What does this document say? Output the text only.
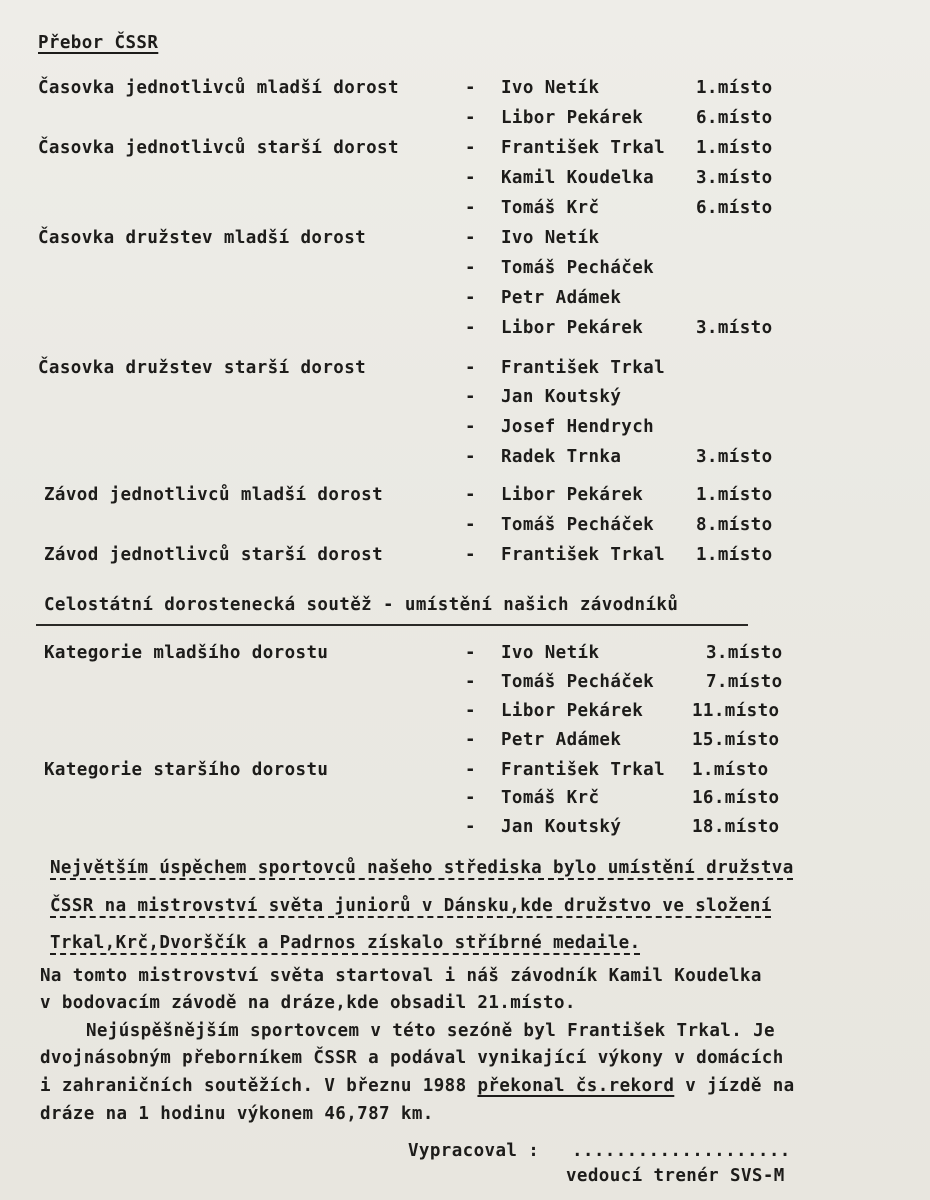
Přebor ČSSR
Časovka jednotlivců mladší dorost	- Ivo Netík	1.místo
- Libor Pekárek	6.místo
Časovka jednotlivců starší dorost	- František Trkal 1.místo
- Kamil Koudelka 3.místo
- Tomáš Krč	6.místo
Časovka družstev mladší dorost	- Ivo Netík
- Tomáš Pecháček
- Petr Adámek
- Libor Pekárek	3.místo
Časovka družstev starší dorost	- František Trkal
- Jan Koutský
- Josef Hendrych
- Radek Trnka	3.místo
Závod jednotlivců mladší dorost	- Libor Pekárek	1.místo
- Tomáš Pecháček 8.místo
Závod jednotlivců starší dorost	- František Trkal 1.místo
Celostátní dorostenecká soutěž - umístění našich závodníků
Kategorie mladšího dorostu	- Ivo Netík	3.místo
- Tomáš Pecháček	7.místo
- Libor Pekárek	11.místo
- Petr Adámek	15.místo
Kategorie staršího dorostu	- František Trkal 1.místo
- Tomáš Krč	16.místo
- Jan Koutský	18.místo
Největším úspěchem sportovců našeho střediska bylo umístění družstva
ČSSR na mistrovství světa juniorů v Dánsku,kde družstvo ve složení
Trkal,Krč,Dvorščík a Padrnos získalo stříbrné medaile.
Na tomto mistrovství světa startoval i náš závodník Kamil Koudelka
v bodovacím závodě na dráze,kde obsadil 21.místo.
Nejúspěšnějším sportovcem v této sezóně byl František Trkal. Je
dvojnásobným přeborníkem ČSSR a podával vynikající výkony v domácích
i zahraničních soutěžích. V březnu 1988 překonal čs.rekord v jízdě na
dráze na 1 hodinu výkonem 46,787 km.
Vypracoval : ....................
vedoucí trenér SVS-M
